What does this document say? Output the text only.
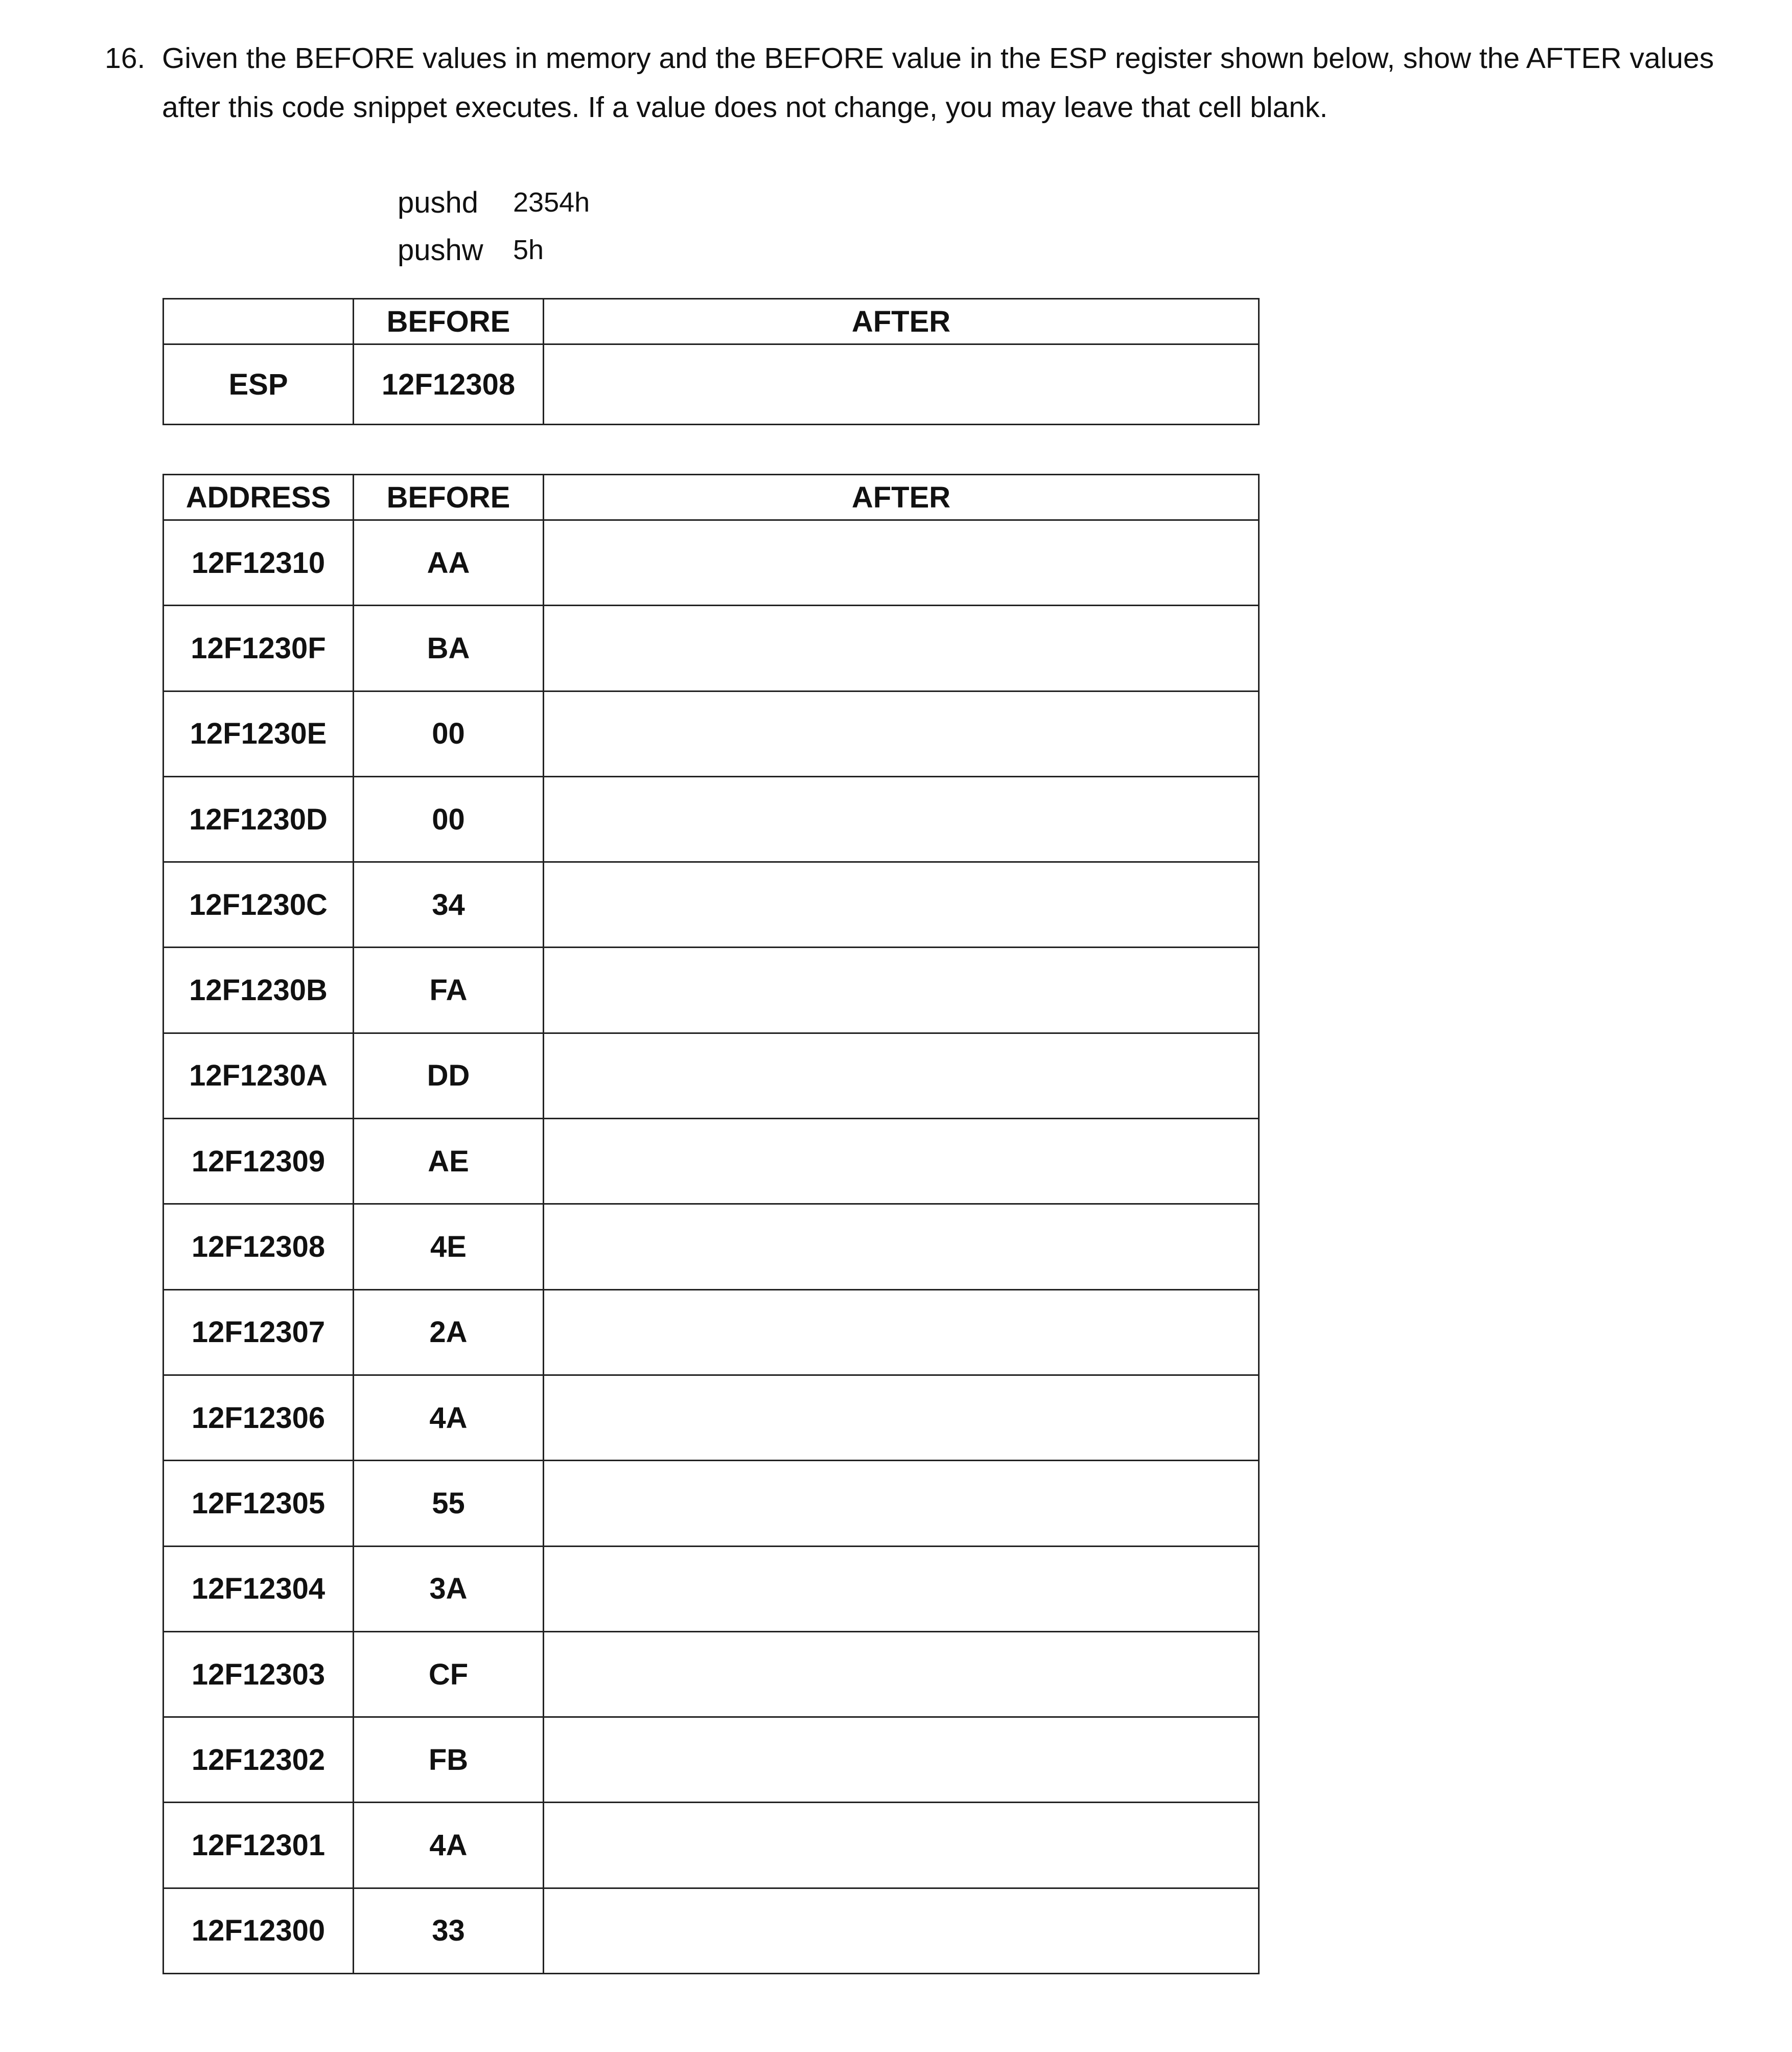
16. Given the BEFORE values in memory and the BEFORE value in the ESP register shown below, show the AFTER values after this code snippet executes. If a value does not change, you may leave that cell blank.
pushd	2354h
pushw	5h
	BEFORE	AFTER
ESP	12F12308	
ADDRESS	BEFORE	AFTER
12F12310	AA	
12F1230F	BA	
12F1230E	00	
12F1230D	00	
12F1230C	34	
12F1230B	FA	
12F1230A	DD	
12F12309	AE	
12F12308	4E	
12F12307	2A	
12F12306	4A	
12F12305	55	
12F12304	3A	
12F12303	CF	
12F12302	FB	
12F12301	4A	
12F12300	33	
